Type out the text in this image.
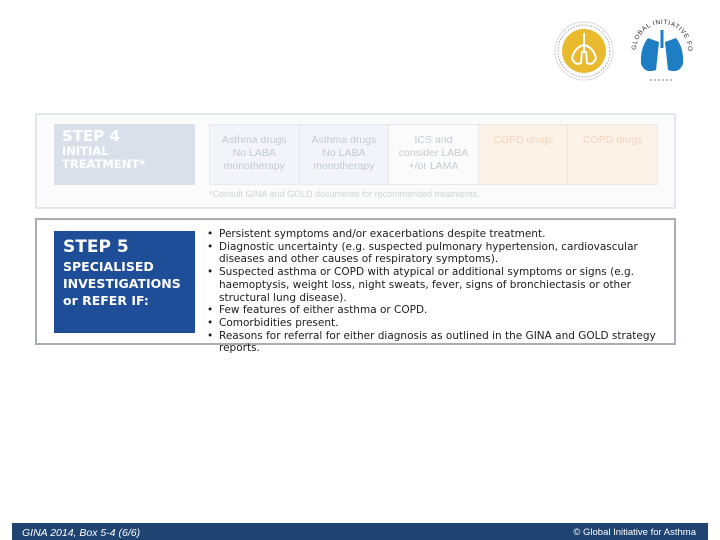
GLOBAL INITIATIVE FO
STEP 4
INITIAL
TREATMENT*
Asthma drugs
No LABA
monotherapy
Asthma drugs
No LABA
monotherapy
ICS and
consider LABA
+/or LAMA
COPD drugs	COPD drugs
*Consult GINA and GOLD documents for recommended treatments.
STEP 5
SPECIALISED
INVESTIGATIONS
or REFER IF:
• Persistent symptoms and/or exacerbations despite treatment.
• Diagnostic uncertainty (e.g. suspected pulmonary hypertension, cardiovascular diseases and other causes of respiratory symptoms).
• Suspected asthma or COPD with atypical or additional symptoms or signs (e.g. haemoptysis, weight loss, night sweats, fever, signs of bronchiectasis or other structural lung disease).
• Few features of either asthma or COPD.
• Comorbidities present.
• Reasons for referral for either diagnosis as outlined in the GINA and GOLD strategy reports.
GINA 2014, Box 5-4 (6/6)	© Global Initiative for Asthma
